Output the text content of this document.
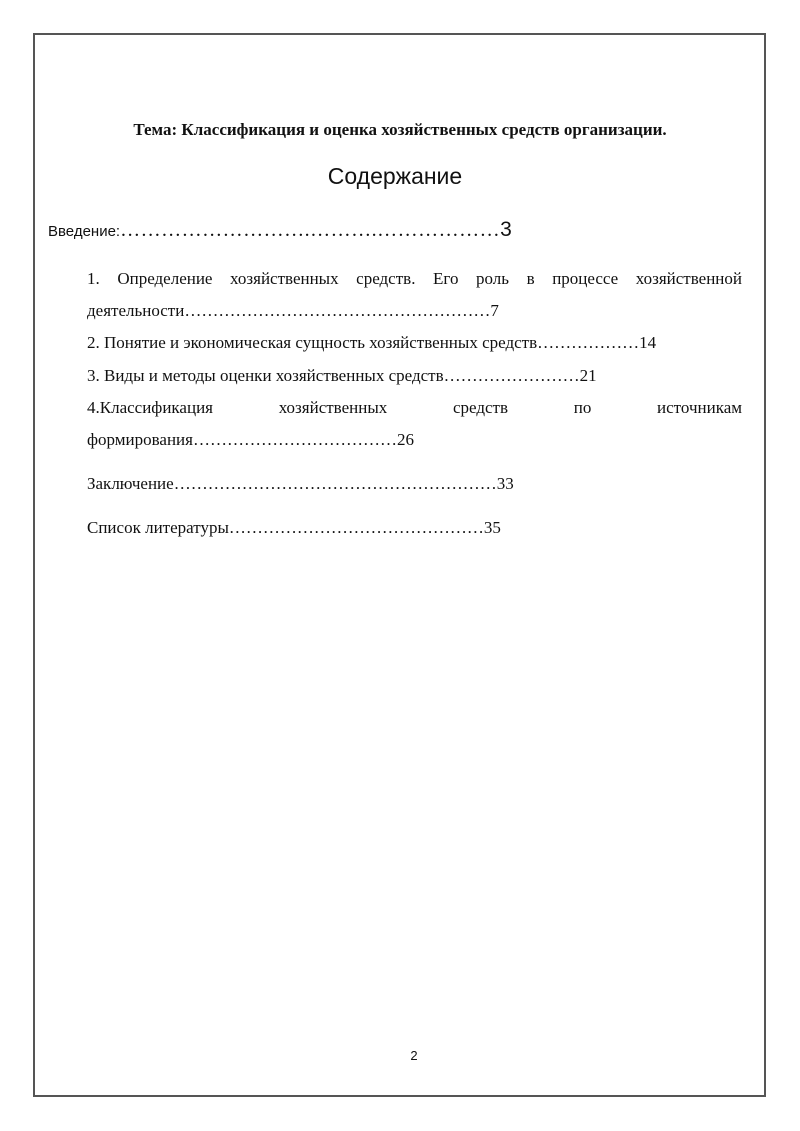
Тема: Классификация и оценка хозяйственных средств организации.
Содержание
Введение:……………………….……….………………3
1. Определение хозяйственных средств. Его роль в процессе хозяйственной деятельности………………………………………………7
2. Понятие и экономическая сущность хозяйственных средств………………14
3. Виды и методы оценки хозяйственных средств……………………21
4.Классификация хозяйственных средств по источникам формирования………………………………26
Заключение…………………………………………………33
Список литературы………………………………………35
2
